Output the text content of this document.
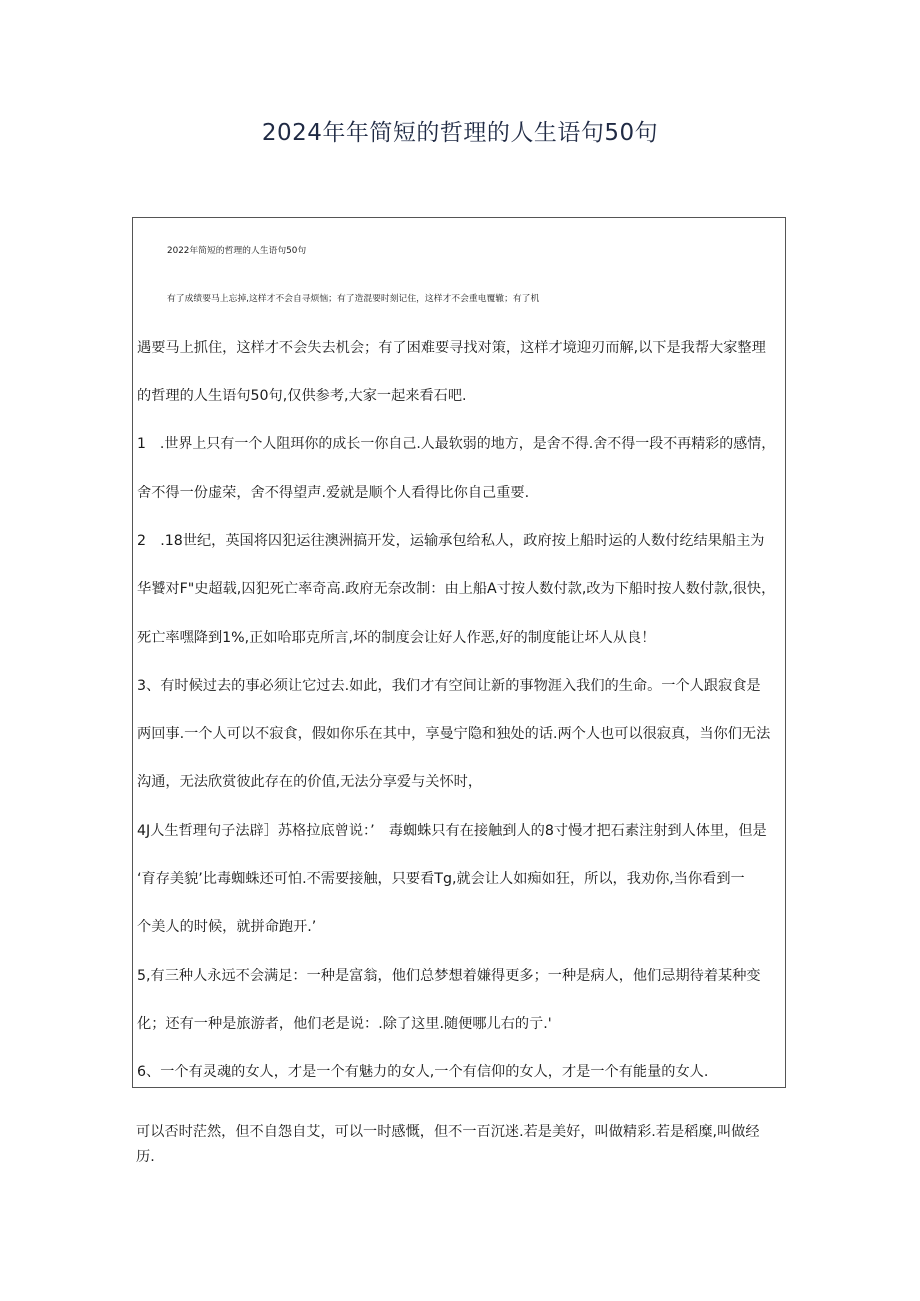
2024年年简短的哲理的人生语句50句
2022年简短的哲理的人生语句50句
有了成绩要马上忘掉,这样才不会自寻烦恼；有了造混要时刻记住，这样才不会重电覆辙；有了机
遇要马上抓住，这样才不会失去机会；有了困难要寻找对策，这样才境迎刃而解,以下是我帮大家整理
的哲理的人生语句50句,仅供参考,大家一起来看石吧.
1　.世界上只有一个人阻珥你的成长一你自己.人最软弱的地方，是舍不得.舍不得一段不再精彩的感情，
舍不得一份虚荣，舍不得望声.爱就是顺个人看得比你自己重要.
2　.18世纪，英国将囚犯运往澳洲搞开发，运输承包给私人，政府按上船时运的人数付纥结果船主为
华饕对F"史超载,囚犯死亡率奇高.政府无奈改制：由上船A寸按人数付款,改为下船时按人数付款,很快，
死亡率嘿降到1%,正如哈耶克所言,坏的制度会让好人作恶,好的制度能让坏人从良！
3、有时候过去的事必须让它过去.如此，我们才有空间让新的事物涯入我们的生命。一个人跟寂食是
两回事.一个人可以不寂食，假如你乐在其中，享曼宁隐和独处的话.两个人也可以很寂真，当你们无法
沟通，无法欣赏彼此存在的价值,无法分享爱与关怀时，
4J人生哲理句子法辟］苏格拉底曾说：’　毒蜘蛛只有在接触到人的8寸慢才把石素注射到人体里，但是
‘育存美貌’比毒蜘蛛还可怕.不需要接触，只要看Tg,就会让人如痴如狂，所以，我劝你,当你看到一
个美人的时候，就拼命跑开.’
5,有三种人永远不会满足：一种是富翁，他们总梦想着嫌得更多；一种是病人，他们忌期待着某种变
化；还有一种是旅游者，他们老是说：.除了这里.随便哪儿右的亍.'
6、一个有灵魂的女人，才是一个有魅力的女人,一个有信仰的女人，才是一个有能量的女人.
可以否时茫然，但不自怨自艾，可以一时感慨，但不一百沉迷.若是美好，叫做精彩.若是稻糜,叫做经
历.
